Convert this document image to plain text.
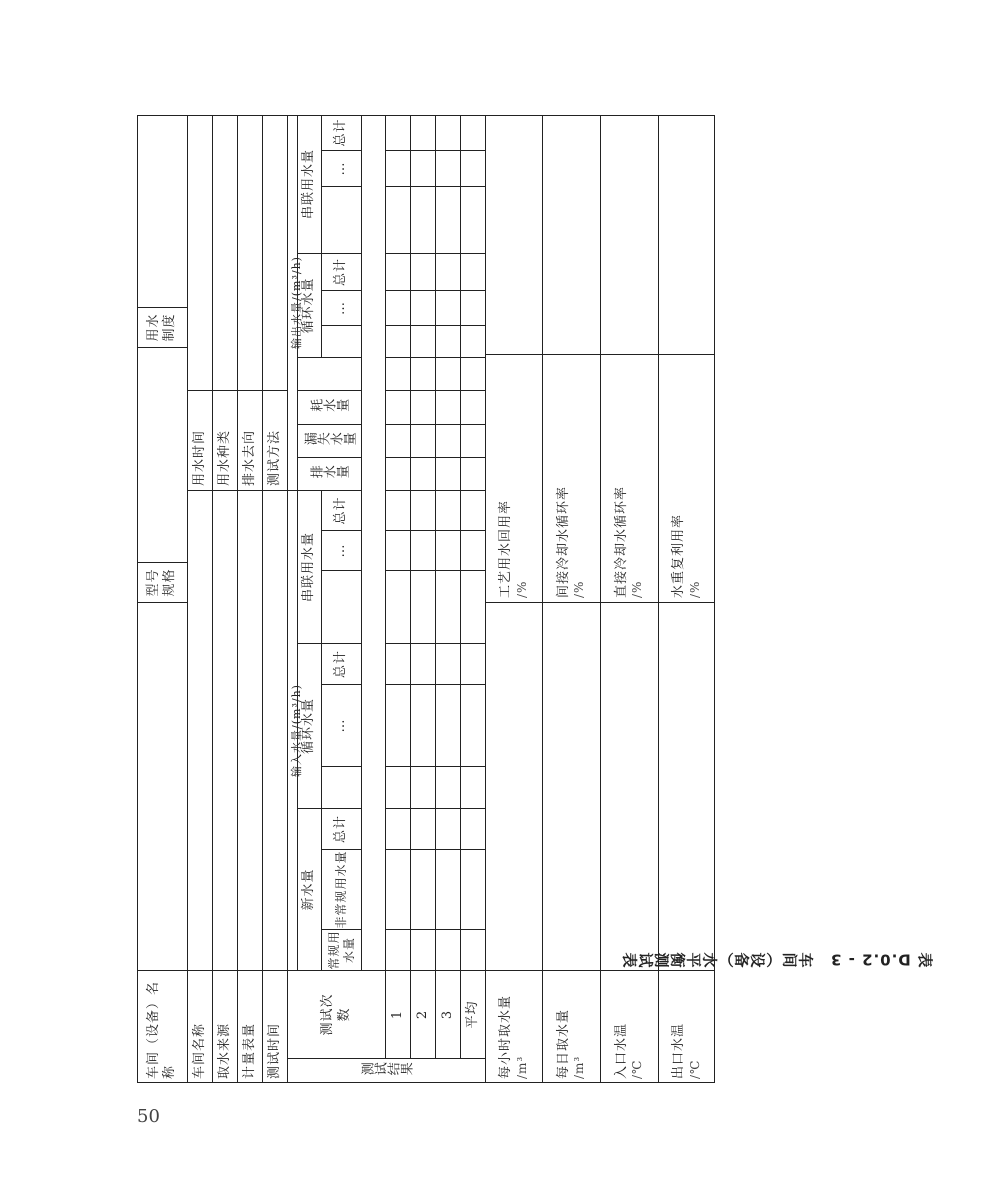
表 D.0.2 - 3　车间（设备）水平衡测试表
车间（设备）名称
型号规格
用水制度
车间名称
用水时间
取水来源
用水种类
计量表量
排水去向
测试时间
测试方法
测试结果
测试次数
输入水量/(m³/h)
输出水量/(m³/h)
新水量
循环水量
串联用水量
排水量
漏失水量
耗水量
循环水量
串联用水量
常规用水量
非常规用水量
总计
…
总计
…
总计
…
总计
…
总计
1 2 3 平均 每小时取水量 /m³
工艺用水回用率 /%
每日取水量 /m³
间接冷却水循环率 /%
入口水温 /℃
直接冷却水循环率 /%
出口水温 /℃
水重复利用率 /%
50
